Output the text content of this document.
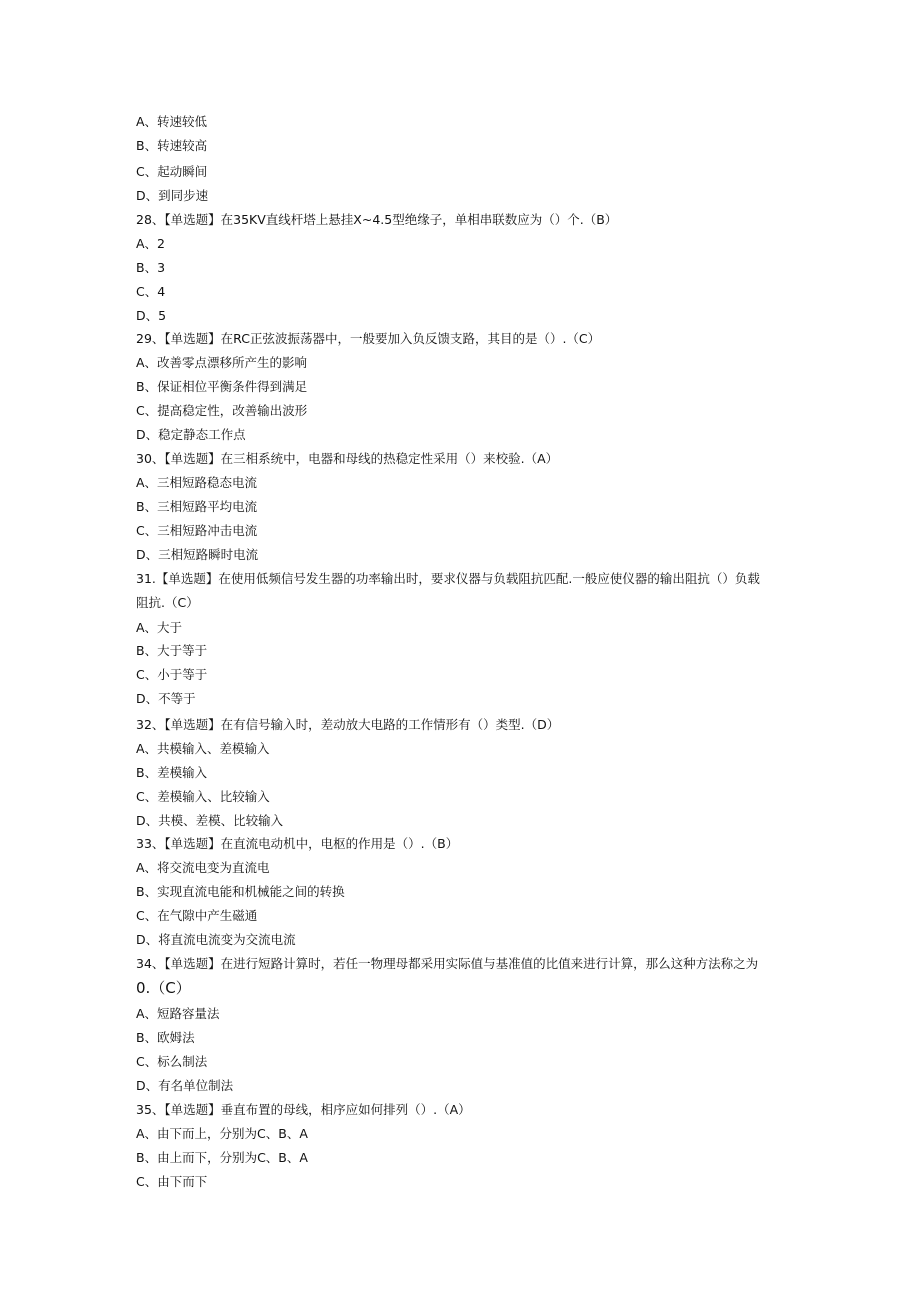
A、转速较低
B、转速较高
C、起动瞬间
D、到同步速
28、【单选题】在35KV直线杆塔上悬挂X~4.5型绝缘子，单相串联数应为（）个.（B）
A、2
B、3
C、4
D、5
29、【单选题】在RC正弦波振荡器中，一般要加入负反馈支路，其目的是（）.（C）
A、改善零点漂移所产生的影响
B、保证相位平衡条件得到满足
C、提高稳定性，改善输出波形
D、稳定静态工作点
30、【单选题】在三相系统中，电器和母线的热稳定性采用（）来校验.（A）
A、三相短路稳态电流
B、三相短路平均电流
C、三相短路冲击电流
D、三相短路瞬时电流
31.【单选题】在使用低频信号发生器的功率输出时，要求仪器与负载阻抗匹配.一般应使仪器的输出阻抗（）负载
阻抗.（C）
A、大于
B、大于等于
C、小于等于
D、不等于
32、【单选题】在有信号输入时，差动放大电路的工作情形有（）类型.（D）
A、共模输入、差模输入
B、差模输入
C、差模输入、比较输入
D、共模、差模、比较输入
33、【单选题】在直流电动机中，电枢的作用是（）.（B）
A、将交流电变为直流电
B、实现直流电能和机械能之间的转换
C、在气隙中产生磁通
D、将直流电流变为交流电流
34、【单选题】在进行短路计算时，若任一物理母都采用实际值与基准值的比值来进行计算，那么这种方法称之为
0.（C）
A、短路容量法
B、欧姆法
C、标么制法
D、有名单位制法
35、【单选题】垂直布置的母线，相序应如何排列（）.（A）
A、由下而上，分别为C、B、A
B、由上而下，分别为C、B、A
C、由下而下
